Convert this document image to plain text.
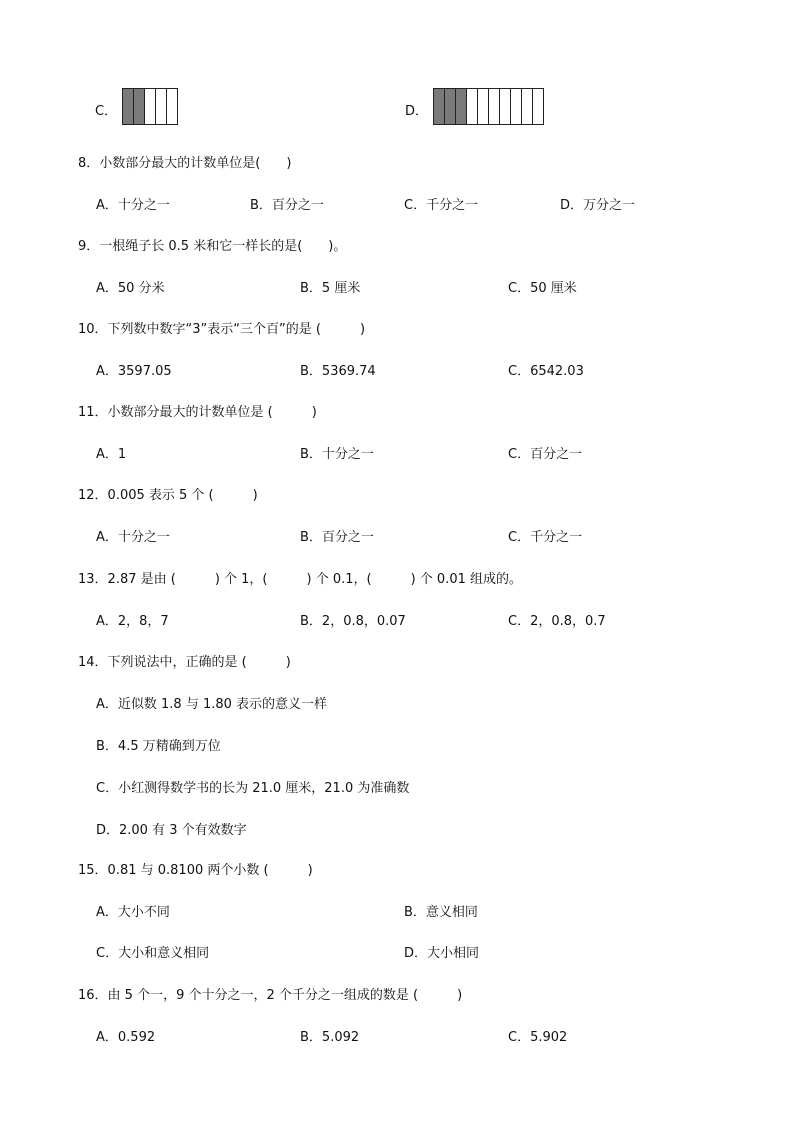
C．	D．
8．小数部分最大的计数单位是(　　)
A．十分之一	B．百分之一	C．千分之一	D．万分之一
9．一根绳子长 0.5 米和它一样长的是(　　)。
A．50 分米	B．5 厘米	C．50 厘米
10．下列数中数字“3”表示“三个百”的是 (　　　)
A．3597.05	B．5369.74	C．6542.03
11．小数部分最大的计数单位是 (　　　)
A．1	B．十分之一	C．百分之一
12．0.005 表示 5 个 (　　　)
A．十分之一	B．百分之一	C．千分之一
13．2.87 是由 (　　　) 个 1，(　　　) 个 0.1，(　　　) 个 0.01 组成的。
A．2，8，7	B．2，0.8，0.07	C．2，0.8，0.7
14．下列说法中，正确的是 (　　　)
A．近似数 1.8 与 1.80 表示的意义一样
B．4.5 万精确到万位
C．小红测得数学书的长为 21.0 厘米，21.0 为准确数
D．2.00 有 3 个有效数字
15．0.81 与 0.8100 两个小数 (　　　)
A．大小不同	B．意义相同
C．大小和意义相同	D．大小相同
16．由 5 个一，9 个十分之一，2 个千分之一组成的数是 (　　　)
A．0.592	B．5.092	C．5.902
